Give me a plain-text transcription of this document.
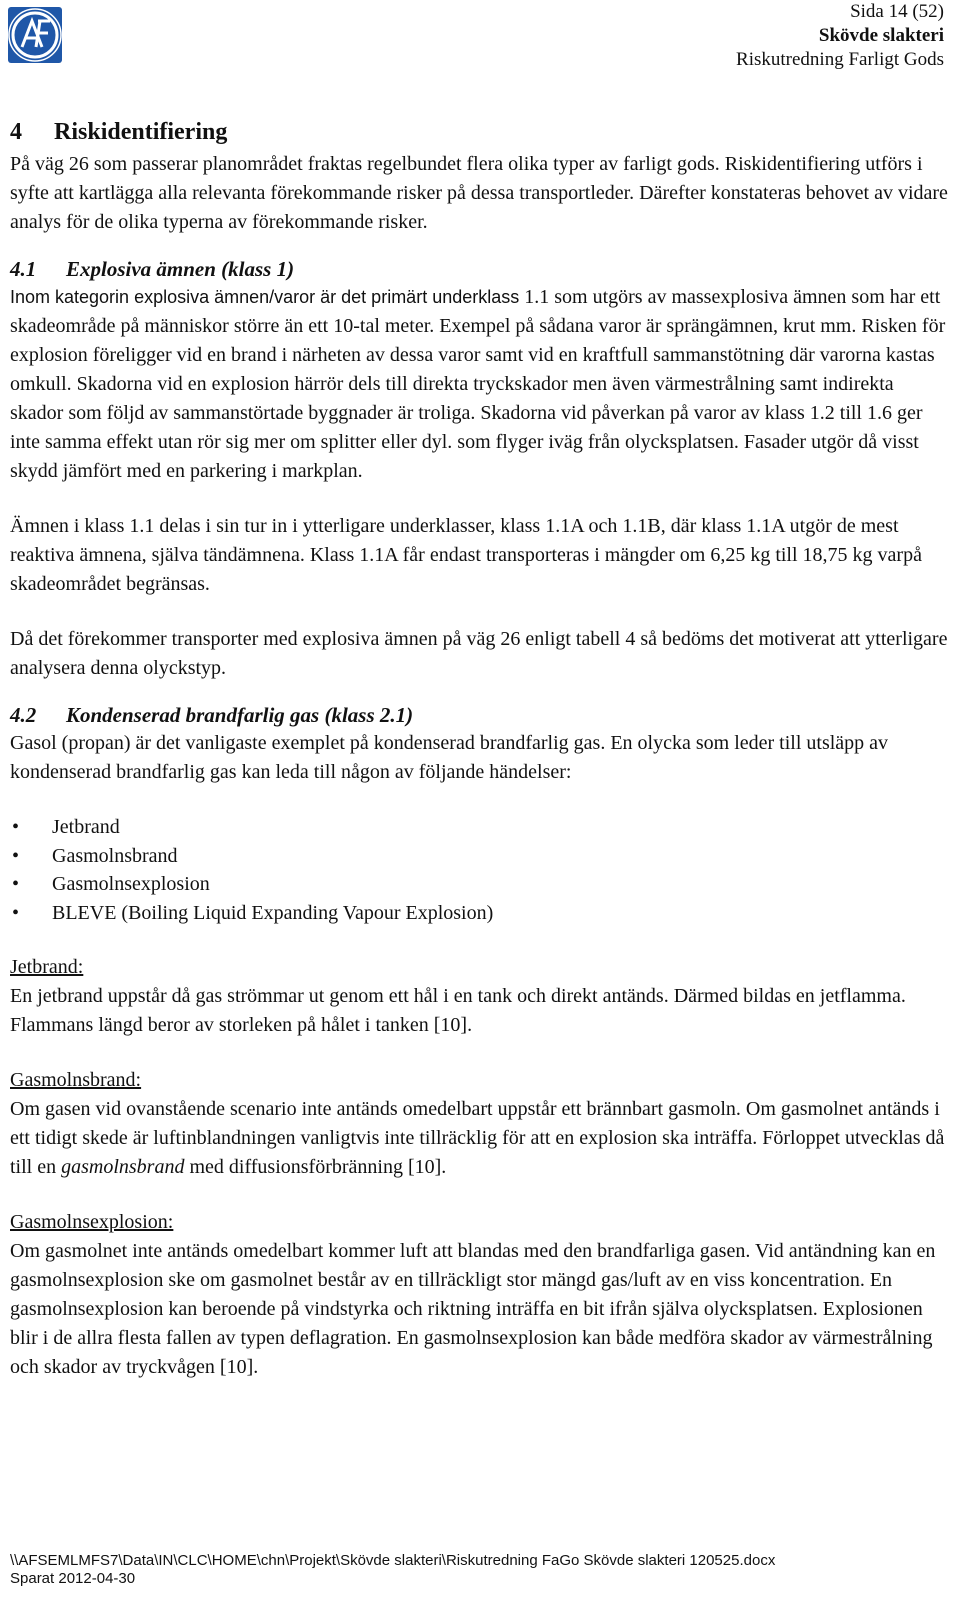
Sida 14 (52)
Skövde slakteri
Riskutredning Farligt Gods
4 Riskidentifiering

På väg 26 som passerar planområdet fraktas regelbundet flera olika typer av farligt gods. Riskidentifiering utförs i syfte att kartlägga alla relevanta förekommande risker på dessa transportleder. Därefter konstateras behovet av vidare analys för de olika typerna av förekommande risker.

4.1 Explosiva ämnen (klass 1)

Inom kategorin explosiva ämnen/varor är det primärt underklass 1.1 som utgörs av massexplosiva ämnen som har ett skadeområde på människor större än ett 10-tal meter. Exempel på sådana varor är sprängämnen, krut mm. Risken för explosion föreligger vid en brand i närheten av dessa varor samt vid en kraftfull sammanstötning där varorna kastas omkull. Skadorna vid en explosion härrör dels till direkta tryckskador men även värmestrålning samt indirekta skador som följd av sammanstörtade byggnader är troliga. Skadorna vid påverkan på varor av klass 1.2 till 1.6 ger inte samma effekt utan rör sig mer om splitter eller dyl. som flyger iväg från olycksplatsen. Fasader utgör då visst skydd jämfört med en parkering i markplan.

Ämnen i klass 1.1 delas i sin tur in i ytterligare underklasser, klass 1.1A och 1.1B, där klass 1.1A utgör de mest reaktiva ämnena, själva tändämnena. Klass 1.1A får endast transporteras i mängder om 6,25 kg till 18,75 kg varpå skadeområdet begränsas.

Då det förekommer transporter med explosiva ämnen på väg 26 enligt tabell 4 så bedöms det motiverat att ytterligare analysera denna olyckstyp.

4.2 Kondenserad brandfarlig gas (klass 2.1)

Gasol (propan) är det vanligaste exemplet på kondenserad brandfarlig gas. En olycka som leder till utsläpp av kondenserad brandfarlig gas kan leda till någon av följande händelser:

• Jetbrand
• Gasmolnsbrand
• Gasmolnsexplosion
• BLEVE (Boiling Liquid Expanding Vapour Explosion)
Jetbrand:

En jetbrand uppstår då gas strömmar ut genom ett hål i en tank och direkt antänds. Därmed bildas en jetflamma. Flammans längd beror av storleken på hålet i tanken [10].

Gasmolnsbrand:

Om gasen vid ovanstående scenario inte antänds omedelbart uppstår ett brännbart gasmoln. Om gasmolnet antänds i ett tidigt skede är luftinblandningen vanligtvis inte tillräcklig för att en explosion ska inträffa. Förloppet utvecklas då till en gasmolnsbrand med diffusionsförbränning [10].

Gasmolnsexplosion:

Om gasmolnet inte antänds omedelbart kommer luft att blandas med den brandfarliga gasen. Vid antändning kan en gasmolnsexplosion ske om gasmolnet består av en tillräckligt stor mängd gas/luft av en viss koncentration. En gasmolnsexplosion kan beroende på vindstyrka och riktning inträffa en bit ifrån själva olycksplatsen. Explosionen blir i de allra flesta fallen av typen deflagration. En gasmolnsexplosion kan både medföra skador av värmestrålning och skador av tryckvågen [10].

\\AFSEMLMFS7\Data\IN\CLC\HOME\chn\Projekt\Skövde slakteri\Riskutredning FaGo Skövde slakteri 120525.docx
Sparat 2012-04-30
